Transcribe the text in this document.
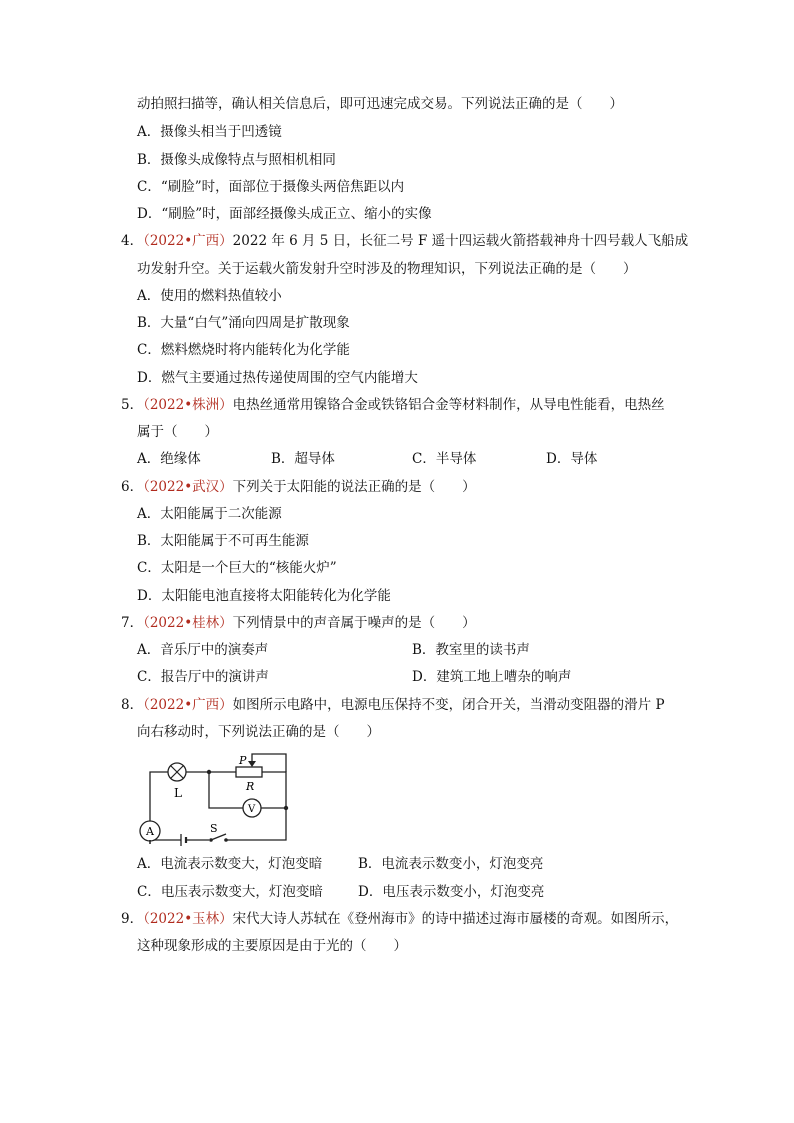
动拍照扫描等，确认相关信息后，即可迅速完成交易。下列说法正确的是（　　）
A．摄像头相当于凹透镜
B．摄像头成像特点与照相机相同
C．“刷脸”时，面部位于摄像头两倍焦距以内
D．“刷脸”时，面部经摄像头成正立、缩小的实像
4．（2022•广西）2022 年 6 月 5 日，长征二号 F 遥十四运载火箭搭载神舟十四号载人飞船成
功发射升空。关于运载火箭发射升空时涉及的物理知识，下列说法正确的是（　　）
A．使用的燃料热值较小
B．大量“白气”涌向四周是扩散现象
C．燃料燃烧时将内能转化为化学能
D．燃气主要通过热传递使周围的空气内能增大
5．（2022•株洲）电热丝通常用镍铬合金或铁铬铝合金等材料制作，从导电性能看，电热丝
属于（　　）
A．绝缘体	B．超导体	C．半导体	D．导体
6．（2022•武汉）下列关于太阳能的说法正确的是（　　）
A．太阳能属于二次能源
B．太阳能属于不可再生能源
C．太阳是一个巨大的“核能火炉”
D．太阳能电池直接将太阳能转化为化学能
7．（2022•桂林）下列情景中的声音属于噪声的是（　　）
A．音乐厅中的演奏声	B．教室里的读书声
C．报告厅中的演讲声	D．建筑工地上嘈杂的响声
8．（2022•广西）如图所示电路中，电源电压保持不变，闭合开关，当滑动变阻器的滑片 P
向右移动时，下列说法正确的是（　　）
L
A
R
P
V
S
A．电流表示数变大，灯泡变暗	B．电流表示数变小，灯泡变亮
C．电压表示数变大，灯泡变暗	D．电压表示数变小，灯泡变亮
9．（2022•玉林）宋代大诗人苏轼在《登州海市》的诗中描述过海市蜃楼的奇观。如图所示，
这种现象形成的主要原因是由于光的（　　）
